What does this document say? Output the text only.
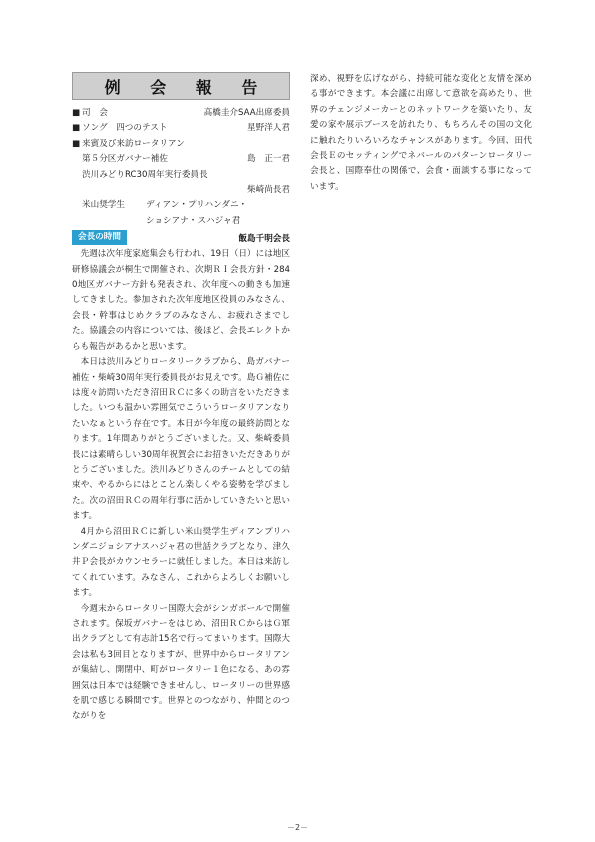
例 会 報 告
■ 司　会	高橋圭介SAA出席委員
■ ソング　四つのテスト	星野洋人君
■ 来賓及び来訪ロータリアン
第５分区ガバナー補佐	島　正一君
渋川みどりRC30周年実行委員長
柴崎尚長君
米山奨学生	ディアン・プリハンダニ・
ショシアナ・スハジャ君
会長の時間	飯島千明会長

先週は次年度家庭集会も行われ、19日（日）には地区研修協議会が桐生で開催され、次期ＲＩ会長方針・2840地区ガバナー方針も発表され、次年度への動きも加速してきました。参加された次年度地区役員のみなさん、会長・幹事はじめクラブのみなさん、お疲れさまでした。協議会の内容については、後ほど、会長エレクトからも報告があるかと思います。

本日は渋川みどりロータリークラブから、島ガバナー補佐・柴崎30周年実行委員長がお見えです。島Ｇ補佐には度々訪問いただき沼田ＲＣに多くの助言をいただきました。いつも温かい雰囲気でこういうロータリアンなりたいなぁという存在です。本日が今年度の最終訪問となります。1年間ありがとうございました。又、柴崎委員長には素晴らしい30周年祝賀会にお招きいただきありがとうございました。渋川みどりさんのチームとしての結束や、やるからにはとことん楽しくやる姿勢を学びました。次の沼田ＲＣの周年行事に活かしていきたいと思います。

4月から沼田ＲＣに新しい米山奨学生ディアンプリハンダニジョシアナスハジャ君の世話クラブとなり、津久井Ｐ会長がカウンセラーに就任しました。本日は来訪してくれています。みなさん、これからよろしくお願いします。

今週末からロータリー国際大会がシンガポールで開催されます。保坂ガバナーをはじめ、沼田ＲＣからはＧ軍出クラブとして有志計15名で行ってまいります。国際大会は私も3回目となりますが、世界中からロータリアンが集結し、開閉中、町がロータリー１色になる、あの雰囲気は日本では経験できませんし、ロータリーの世界感を肌で感じる瞬間です。世界とのつながり、仲間とのつながりを

深め、視野を広げながら、持続可能な変化と友情を深める事ができます。本会議に出席して意欲を高めたり、世界のチェンジメーカーとのネットワークを築いたり、友愛の家や展示ブースを訪れたり、もちろんその国の文化に触れたりいろいろなチャンスがあります。今回、田代会長Ｅのセッティングでネバールのパターンロータリー会長と、国際奉仕の関係で、会食・面談する事になっています。

－2－
